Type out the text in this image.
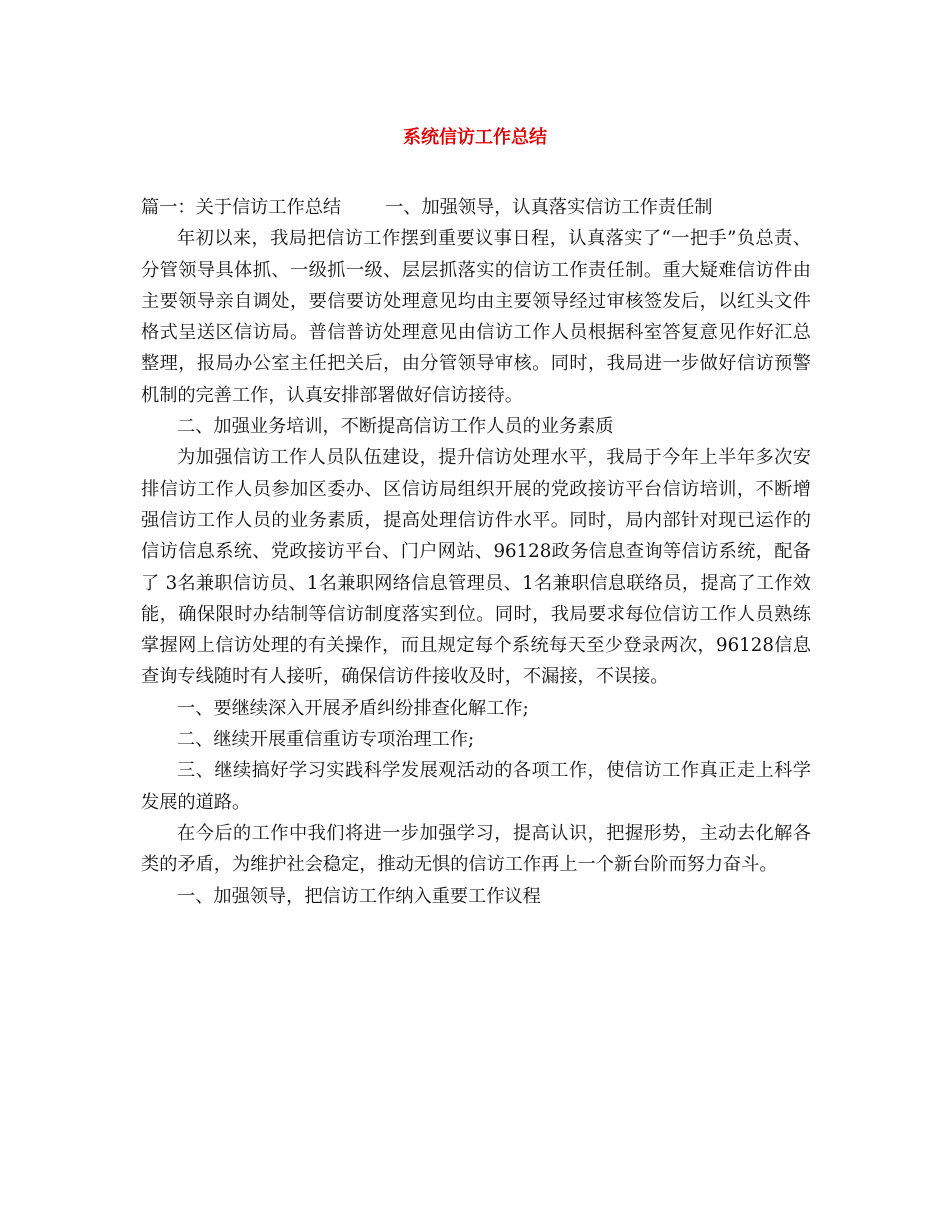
系统信访工作总结

篇一：关于信访工作总结 一、加强领导，认真落实信访工作责任制

年初以来，我局把信访工作摆到重要议事日程，认真落实了“一把手”负总责、分管领导具体抓、一级抓一级、层层抓落实的信访工作责任制。重大疑难信访件由主要领导亲自调处，要信要访处理意见均由主要领导经过审核签发后，以红头文件格式呈送区信访局。普信普访处理意见由信访工作人员根据科室答复意见作好汇总整理，报局办公室主任把关后，由分管领导审核。同时，我局进一步做好信访预警机制的完善工作，认真安排部署做好信访接待。

二、加强业务培训，不断提高信访工作人员的业务素质

为加强信访工作人员队伍建设，提升信访处理水平，我局于今年上半年多次安排信访工作人员参加区委办、区信访局组织开展的党政接访平台信访培训，不断增强信访工作人员的业务素质，提高处理信访件水平。同时，局内部针对现已运作的信访信息系统、党政接访平台、门户网站、96128政务信息查询等信访系统，配备了 3名兼职信访员、1名兼职网络信息管理员、1名兼职信息联络员，提高了工作效能，确保限时办结制等信访制度落实到位。同时，我局要求每位信访工作人员熟练掌握网上信访处理的有关操作，而且规定每个系统每天至少登录两次，96128信息查询专线随时有人接听，确保信访件接收及时，不漏接，不误接。

一、要继续深入开展矛盾纠纷排查化解工作;

二、继续开展重信重访专项治理工作;

三、继续搞好学习实践科学发展观活动的各项工作，使信访工作真正走上科学发展的道路。

在今后的工作中我们将进一步加强学习，提高认识，把握形势，主动去化解各类的矛盾，为维护社会稳定，推动无惧的信访工作再上一个新台阶而努力奋斗。

一、加强领导，把信访工作纳入重要工作议程
